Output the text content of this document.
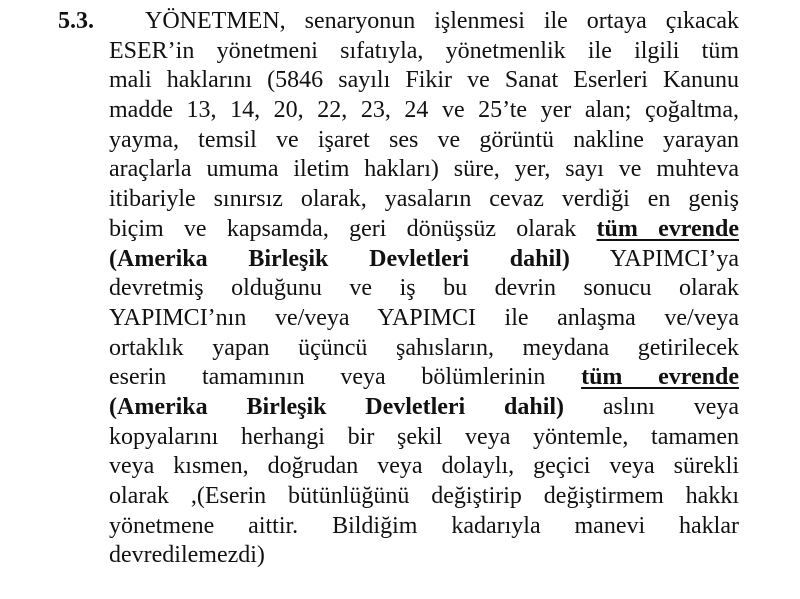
5.3.	YÖNETMEN, senaryonun işlenmesi ile ortaya çıkacak
ESER’in yönetmeni sıfatıyla, yönetmenlik ile ilgili tüm
mali haklarını (5846 sayılı Fikir ve Sanat Eserleri Kanunu
madde 13, 14, 20, 22, 23, 24 ve 25’te yer alan; çoğaltma,
yayma, temsil ve işaret ses ve görüntü nakline yarayan
araçlarla umuma iletim hakları) süre, yer, sayı ve muhteva
itibariyle sınırsız olarak, yasaların cevaz verdiği en geniş
biçim ve kapsamda, geri dönüşsüz olarak tüm evrende
(Amerika Birleşik Devletleri dahil) YAPIMCI’ya
devretmiş olduğunu ve iş bu devrin sonucu olarak
YAPIMCI’nın ve/veya YAPIMCI ile anlaşma ve/veya
ortaklık yapan üçüncü şahısların, meydana getirilecek
eserin tamamının veya bölümlerinin tüm evrende
(Amerika Birleşik Devletleri dahil) aslını veya
kopyalarını herhangi bir şekil veya yöntemle, tamamen
veya kısmen, doğrudan veya dolaylı, geçici veya sürekli
olarak ,(Eserin bütünlüğünü değiştirip değiştirmem hakkı
yönetmene aittir. Bildiğim kadarıyla manevi haklar
devredilemezdi)
